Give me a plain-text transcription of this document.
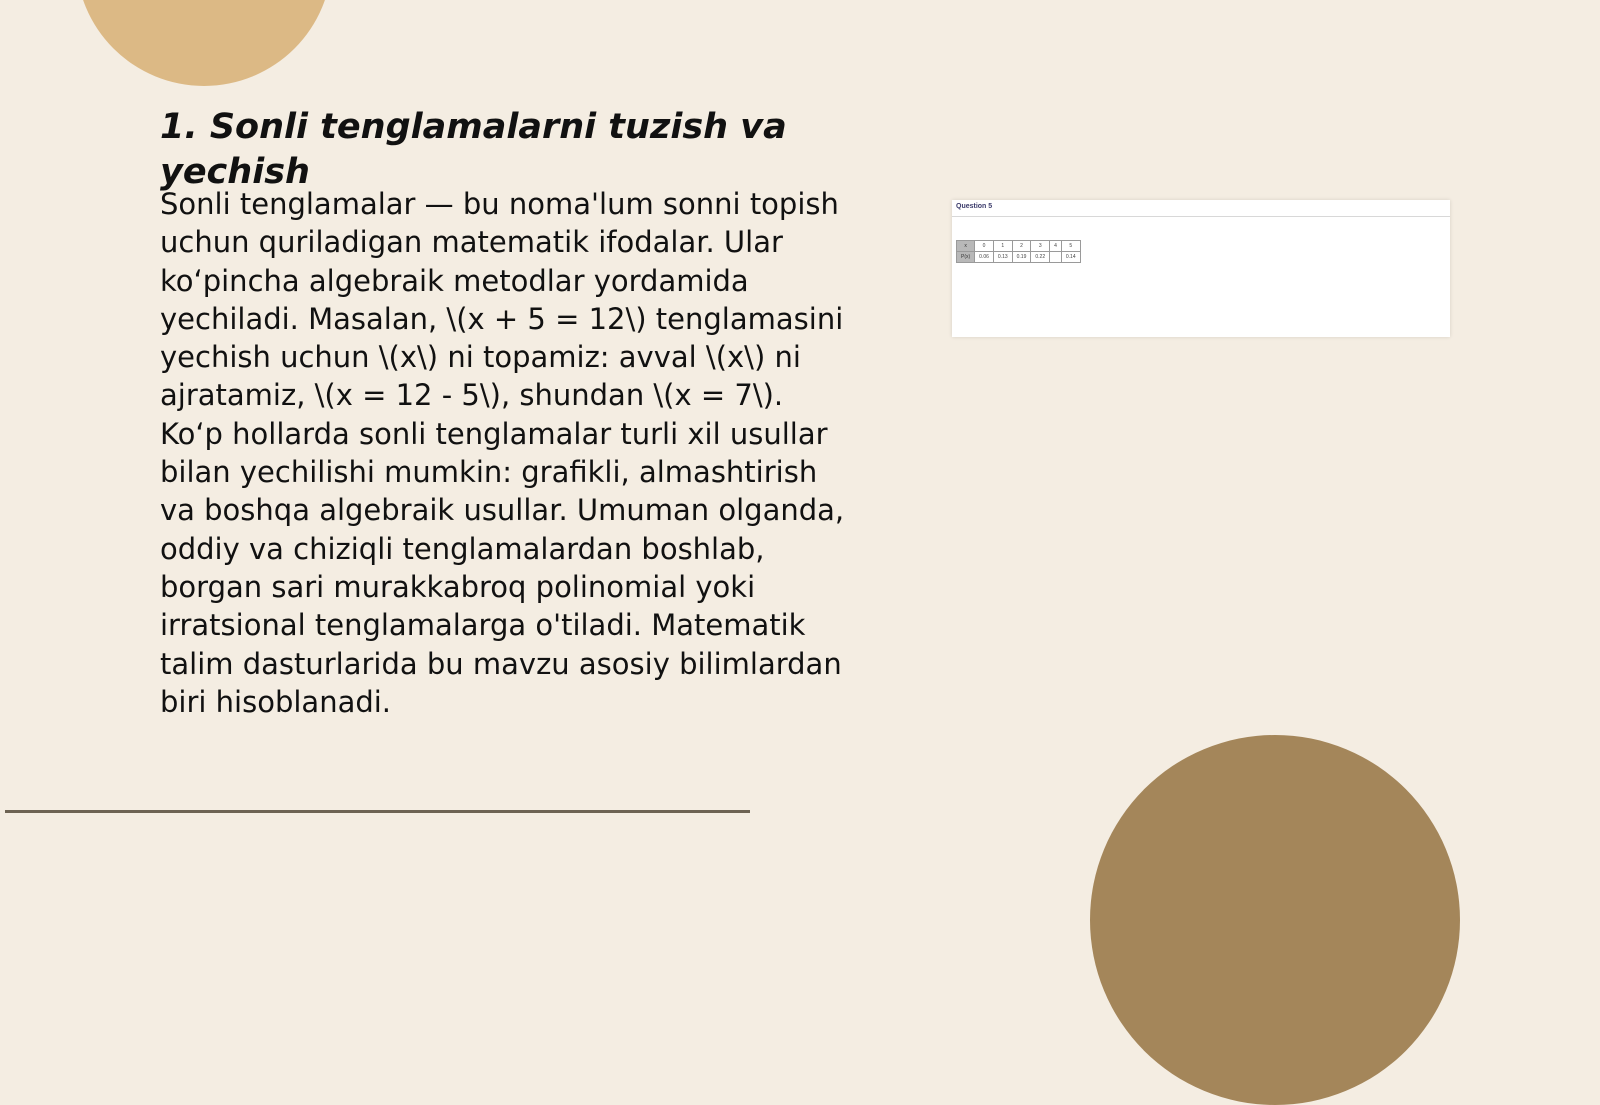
1. Sonli tenglamalarni tuzish va yechish

Sonli tenglamalar — bu noma'lum sonni topish uchun quriladigan matematik ifodalar. Ular ko‘pincha algebraik metodlar yordamida yechiladi. Masalan, \(x + 5 = 12\) tenglamasini yechish uchun \(x\) ni topamiz: avval \(x\) ni ajratamiz, \(x = 12 - 5\), shundan \(x = 7\). Ko‘p hollarda sonli tenglamalar turli xil usullar bilan yechilishi mumkin: grafikli, almashtirish va boshqa algebraik usullar. Umuman olganda, oddiy va chiziqli tenglamalardan boshlab, borgan sari murakkabroq polinomial yoki irratsional tenglamalarga o'tiladi. Matematik talim dasturlarida bu mavzu asosiy bilimlardan biri hisoblanadi.

Question 5

x	0	1	2	3	4	5
P(x)	0.06	0.13	0.19	0.22		0.14
